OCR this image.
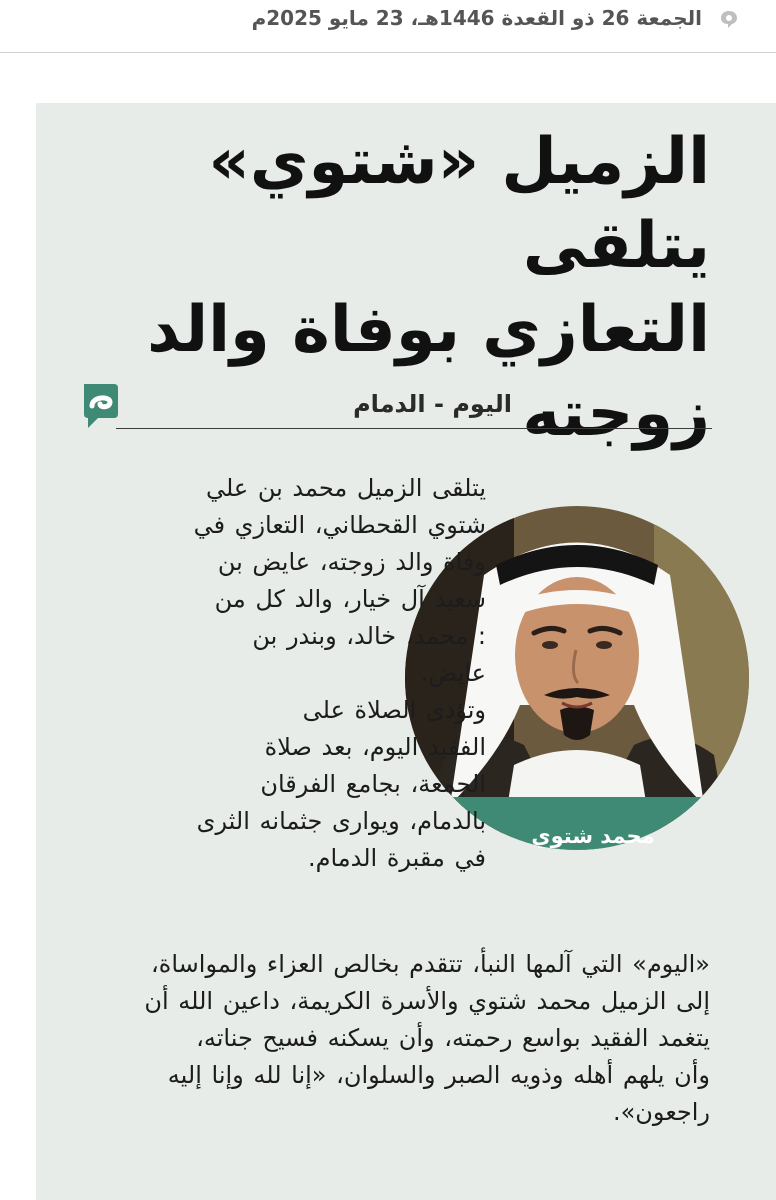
الجمعة 26 ذو القعدة 1446هـ، 23 مايو 2025م
الزميل «شتوي» يتلقى
التعازي بوفاة والد زوجته
اليوم - الدمام
محمد شتوي
يتلقى الزميل محمد بن علي
شتوي القحطاني، التعازي في
وفاة والد زوجته، عايض بن
سعيد آل خيار، والد كل من
: محمد، خالد، وبندر بن
عايض.
وتؤدى الصلاة على
الفقيد اليوم، بعد صلاة
الجمعة، بجامع الفرقان
بالدمام، ويوارى جثمانه الثرى
في مقبرة الدمام.
«اليوم» التي آلمها النبأ، تتقدم بخالص العزاء والمواساة،
إلى الزميل محمد شتوي والأسرة الكريمة، داعين الله أن
يتغمد الفقيد بواسع رحمته، وأن يسكنه فسيح جناته،
وأن يلهم أهله وذويه الصبر والسلوان، «إنا لله وإنا إليه
راجعون».
